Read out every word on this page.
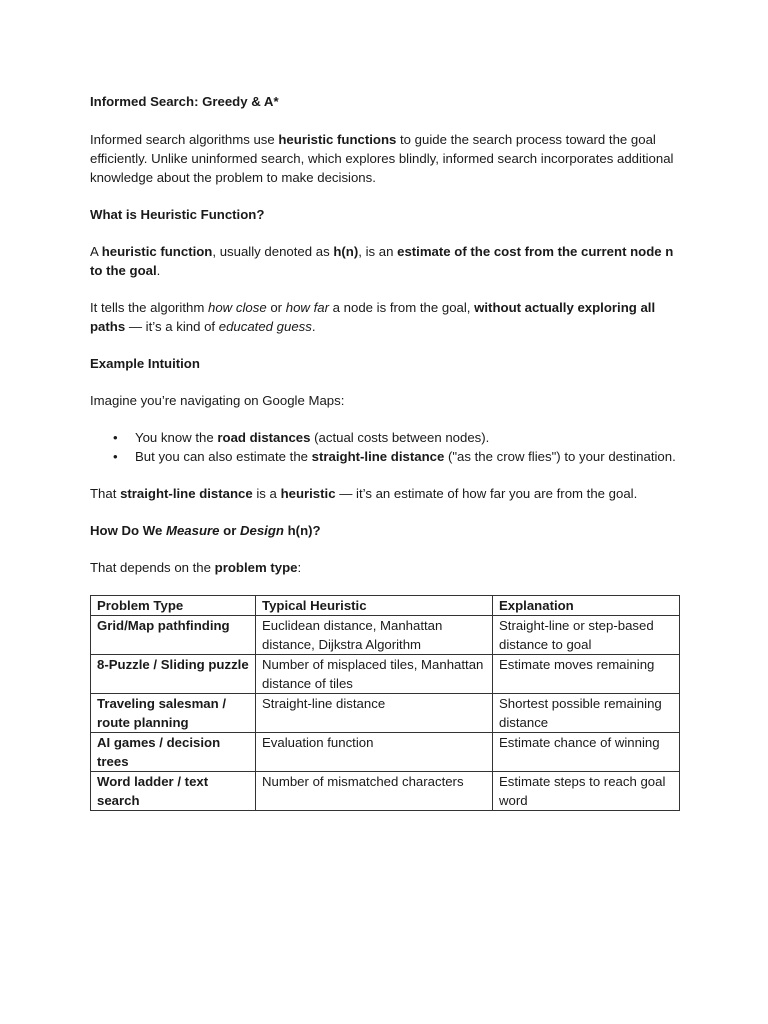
Informed Search: Greedy & A*

Informed search algorithms use heuristic functions to guide the search process toward the goal efficiently. Unlike uninformed search, which explores blindly, informed search incorporates additional knowledge about the problem to make decisions.

What is Heuristic Function?

A heuristic function, usually denoted as h(n), is an estimate of the cost from the current node n to the goal.

It tells the algorithm how close or how far a node is from the goal, without actually exploring all paths — it’s a kind of educated guess.

Example Intuition

Imagine you’re navigating on Google Maps:

• You know the road distances (actual costs between nodes).
• But you can also estimate the straight-line distance ("as the crow flies") to your destination.

That straight-line distance is a heuristic — it’s an estimate of how far you are from the goal.

How Do We Measure or Design h(n)?

That depends on the problem type:

Problem Type	Typical Heuristic	Explanation
Grid/Map pathfinding	Euclidean distance, Manhattan distance, Dijkstra Algorithm	Straight-line or step-based distance to goal
8-Puzzle / Sliding puzzle	Number of misplaced tiles, Manhattan distance of tiles	Estimate moves remaining
Traveling salesman / route planning	Straight-line distance	Shortest possible remaining distance
AI games / decision trees	Evaluation function	Estimate chance of winning
Word ladder / text search	Number of mismatched characters	Estimate steps to reach goal word
